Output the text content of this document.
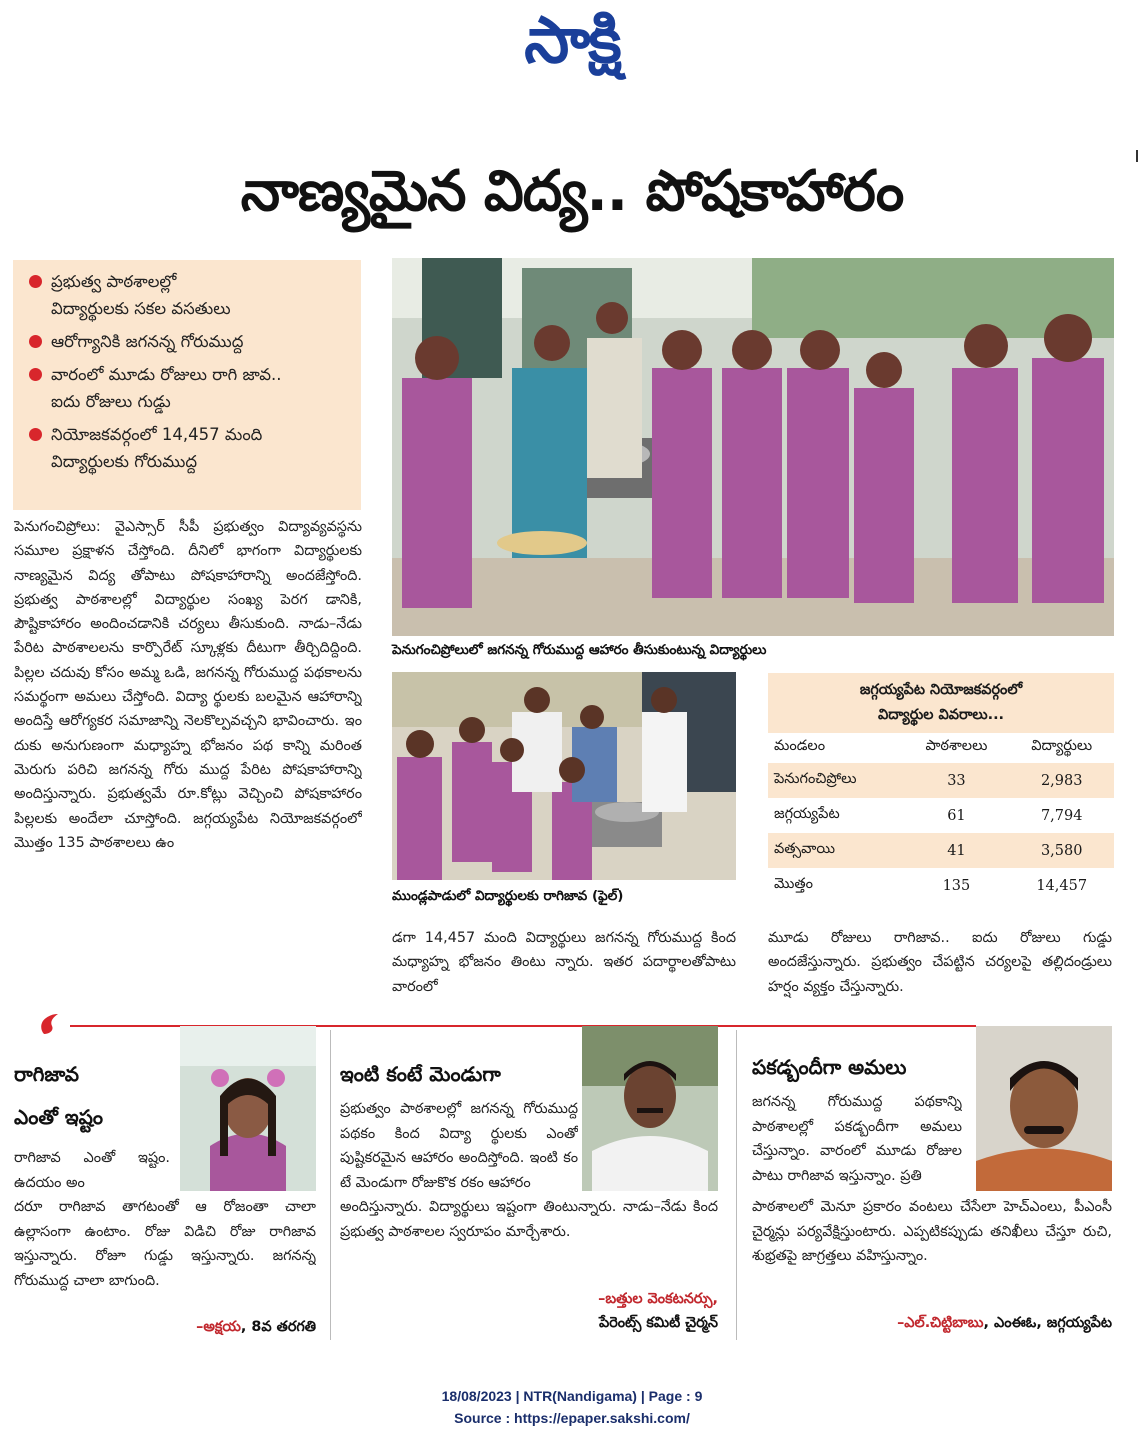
సాక్షి
నాణ్యమైన విద్య.. పోషకాహారం
ప్రభుత్వ పాఠశాలల్లో
విద్యార్థులకు సకల వసతులు
ఆరోగ్యానికి జగనన్న గోరుముద్ద
వారంలో మూడు రోజులు రాగి జావ..
ఐదు రోజులు గుడ్డు
నియోజకవర్గంలో 14,457 మంది
విద్యార్థులకు గోరుముద్ద
పెనుగంచిప్రోలులో జగనన్న గోరుముద్ద ఆహారం తీసుకుంటున్న విద్యార్థులు
ముండ్లపాడులో విద్యార్థులకు రాగిజావ (ఫైల్)
జగ్గయ్యపేట నియోజకవర్గంలో
విద్యార్థుల వివరాలు...
మండలం	పాఠశాలలు	విద్యార్థులు
పెనుగంచిప్రోలు	33	2,983
జగ్గయ్యపేట	61	7,794
వత్సవాయి	41	3,580
మొత్తం	135	14,457
పెనుగంచిప్రోలు: వైఎస్సార్ సీపీ ప్రభుత్వం విద్యావ్యవస్థను సమూల ప్రక్షాళన చేస్తోంది. దీనిలో భాగంగా విద్యార్థులకు నాణ్యమైన విద్య తోపాటు పోషకాహారాన్ని అందజేస్తోంది. ప్రభుత్వ పాఠశాలల్లో విద్యార్థుల సంఖ్య పెరగ డానికి, పౌష్టికాహారం అందించడానికి చర్యలు తీసుకుంది. నాడు–నేడు పేరిట పాఠశాలలను కార్పొరేట్ స్కూళ్లకు దీటుగా తీర్చిదిద్దింది. పిల్లల చదువు కోసం అమ్మ ఒడి, జగనన్న గోరుముద్ద పథకాలను సమర్థంగా అమలు చేస్తోంది. విద్యా ర్థులకు బలమైన ఆహారాన్ని అందిస్తే ఆరోగ్యకర సమాజాన్ని నెలకొల్పవచ్చని భావించారు. ఇం దుకు అనుగుణంగా మధ్యాహ్న భోజనం పథ కాన్ని మరింత మెరుగు పరిచి జగనన్న గోరు ముద్ద పేరిట పోషకాహారాన్ని అందిస్తున్నారు. ప్రభుత్వమే రూ.కోట్లు వెచ్చించి పోషకాహారం పిల్లలకు అందేలా చూస్తోంది. జగ్గయ్యపేట నియోజకవర్గంలో మొత్తం 135 పాఠశాలలు ఉం
డగా 14,457 మంది విద్యార్థులు జగనన్న గోరుముద్ద కింద మధ్యాహ్న భోజనం తింటు న్నారు. ఇతర పదార్థాలతోపాటు వారంలో
మూడు రోజులు రాగిజావ.. ఐదు రోజులు గుడ్డు అందజేస్తున్నారు. ప్రభుత్వం చేపట్టిన చర్యలపై తల్లిదండ్రులు హర్షం వ్యక్తం చేస్తున్నారు.
రాగిజావ
ఎంతో ఇష్టం
రాగిజావ ఎంతో ఇష్టం. ఉదయం అం
దరూ రాగిజావ తాగటంతో ఆ రోజంతా చాలా ఉల్లాసంగా ఉంటాం. రోజు విడిచి రోజు రాగిజావ ఇస్తున్నారు. రోజూ గుడ్డు ఇస్తున్నారు. జగనన్న గోరుముద్ద చాలా బాగుంది.
–అక్షయ, 8వ తరగతి
ఇంటి కంటే మెండుగా
ప్రభుత్వం పాఠశాలల్లో జగనన్న గోరుముద్ద పథకం కింద విద్యా ర్థులకు ఎంతో పుష్టికరమైన ఆహారం అందిస్తోంది. ఇంటి కం టే మెండుగా రోజుకొక రకం ఆహారం
అందిస్తున్నారు. విద్యార్థులు ఇష్టంగా తింటున్నారు. నాడు–నేడు కింద ప్రభుత్వ పాఠశాలల స్వరూపం మార్చేశారు.
–బత్తుల వెంకటనర్సు,
పేరెంట్స్ కమిటీ చైర్మన్
పకడ్బందీగా అమలు
జగనన్న గోరుముద్ద పథకాన్ని పాఠశాలల్లో పకడ్బందీగా అమలు చేస్తున్నాం. వారంలో మూడు రోజుల పాటు రాగిజావ ఇస్తున్నాం. ప్రతి
పాఠశాలలో మెనూ ప్రకారం వంటలు చేసేలా హెచ్ఎంలు, పీఎంసీ చైర్మన్లు పర్యవేక్షిస్తుంటారు. ఎప్పటికప్పుడు తనిఖీలు చేస్తూ రుచి, శుభ్రతపై జాగ్రత్తలు వహిస్తున్నాం.
–ఎల్.చిట్టిబాబు, ఎంఈఓ, జగ్గయ్యపేట
18/08/2023 | NTR(Nandigama) | Page : 9
Source : https://epaper.sakshi.com/
